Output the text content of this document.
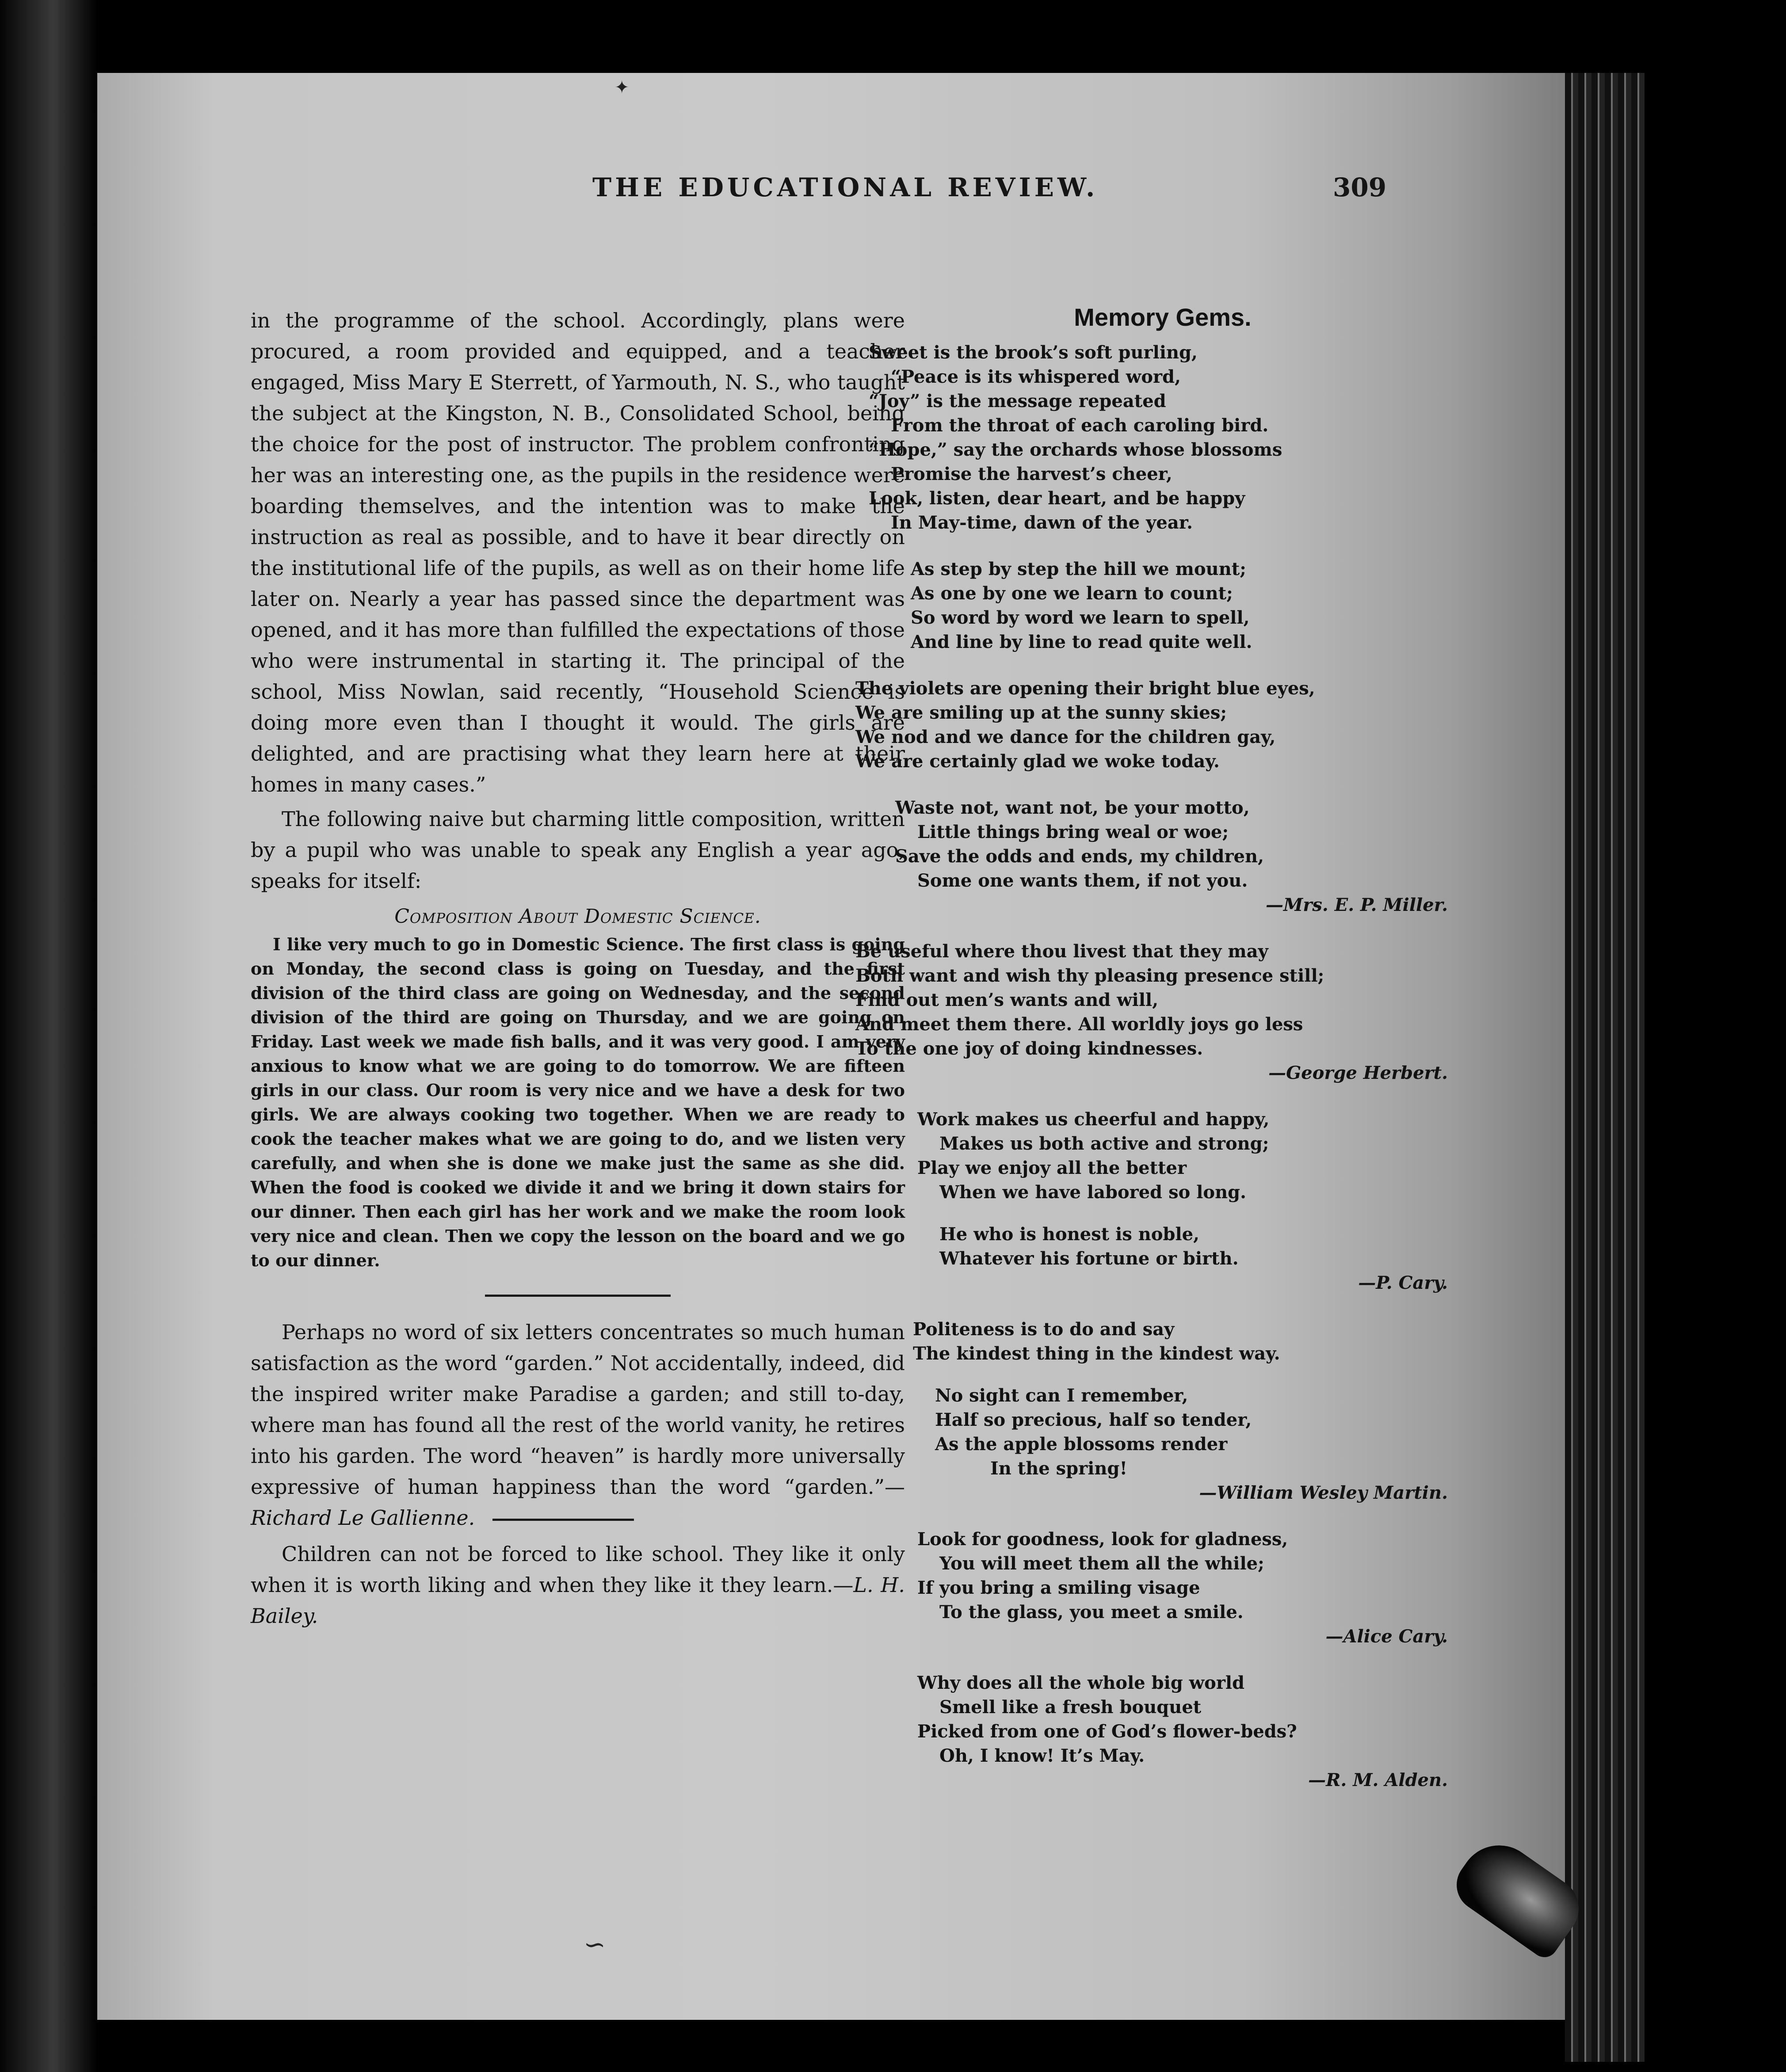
THE EDUCATIONAL REVIEW.	309

in the programme of the school. Accordingly, plans were procured, a room provided and equipped, and a teacher engaged, Miss Mary E Sterrett, of Yarmouth, N. S., who taught the subject at the Kingston, N. B., Consolidated School, being the choice for the post of instructor. The problem confronting her was an interesting one, as the pupils in the residence were boarding themselves, and the intention was to make the instruction as real as possible, and to have it bear directly on the institutional life of the pupils, as well as on their home life later on. Nearly a year has passed since the department was opened, and it has more than fulfilled the expectations of those who were instrumental in starting it. The principal of the school, Miss Nowlan, said recently, “Household Science is doing more even than I thought it would. The girls are delighted, and are practising what they learn here at their homes in many cases.”

The following naive but charming little composition, written by a pupil who was unable to speak any English a year ago, speaks for itself:

Composition About Domestic Science.

I like very much to go in Domestic Science. The first class is going on Monday, the second class is going on Tuesday, and the first division of the third class are going on Wednesday, and the second division of the third are going on Thursday, and we are going on Friday. Last week we made fish balls, and it was very good. I am very anxious to know what we are going to do tomorrow. We are fifteen girls in our class. Our room is very nice and we have a desk for two girls. We are always cooking two together. When we are ready to cook the teacher makes what we are going to do, and we listen very carefully, and when she is done we make just the same as she did. When the food is cooked we divide it and we bring it down stairs for our dinner. Then each girl has her work and we make the room look very nice and clean. Then we copy the lesson on the board and we go to our dinner.

Perhaps no word of six letters concentrates so much human satisfaction as the word “garden.” Not accidentally, indeed, did the inspired writer make Paradise a garden; and still to-day, where man has found all the rest of the world vanity, he retires into his garden. The word “heaven” is hardly more universally expressive of human happiness than the word “garden.”—Richard Le Gallienne.

Children can not be forced to like school. They like it only when it is worth liking and when they like it they learn.—L. H. Bailey.

Memory Gems.
Sweet is the brook’s soft purling,
“Peace is its whispered word,
“Joy” is the message repeated
From the throat of each caroling bird.
“Hope,” say the orchards whose blossoms
Promise the harvest’s cheer,
Look, listen, dear heart, and be happy
In May-time, dawn of the year.
As step by step the hill we mount;
As one by one we learn to count;
So word by word we learn to spell,
And line by line to read quite well.
The violets are opening their bright blue eyes,
We are smiling up at the sunny skies;
We nod and we dance for the children gay,
We are certainly glad we woke today.
Waste not, want not, be your motto,
Little things bring weal or woe;
Save the odds and ends, my children,
Some one wants them, if not you.
—Mrs. E. P. Miller.
Be useful where thou livest that they may
Both want and wish thy pleasing presence still;
Find out men’s wants and will,
And meet them there. All worldly joys go less
To the one joy of doing kindnesses.
—George Herbert.
Work makes us cheerful and happy,
Makes us both active and strong;
Play we enjoy all the better
When we have labored so long.
He who is honest is noble,
Whatever his fortune or birth.
—P. Cary.
Politeness is to do and say
The kindest thing in the kindest way.
No sight can I remember,
Half so precious, half so tender,
As the apple blossoms render
In the spring!
—William Wesley Martin.
Look for goodness, look for gladness,
You will meet them all the while;
If you bring a smiling visage
To the glass, you meet a smile.
—Alice Cary.
Why does all the whole big world
Smell like a fresh bouquet
Picked from one of God’s flower-beds?
Oh, I know! It’s May.
—R. M. Alden.
✦
∽
